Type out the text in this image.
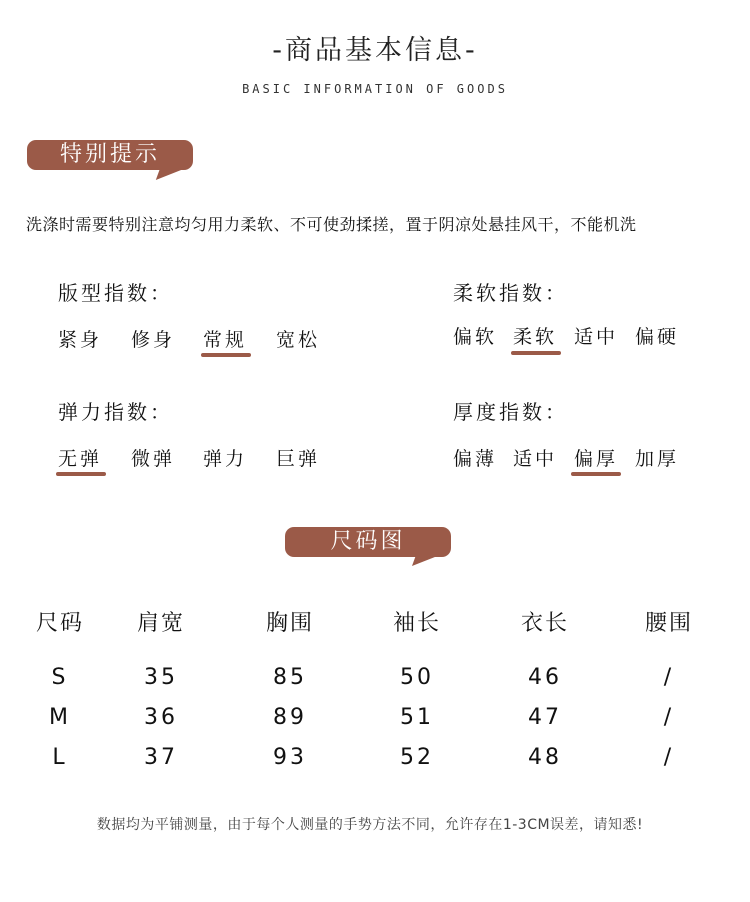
-商品基本信息-
BASIC INFORMATION OF GOODS
特别提示
洗涤时需要特别注意均匀用力柔软、不可使劲揉搓，置于阴凉处悬挂风干，不能机洗
版型指数：
紧身 修身 常规 宽松
柔软指数：
偏软 柔软 适中 偏硬
弹力指数：
无弹 微弹 弹力 巨弹
厚度指数：
偏薄 适中 偏厚 加厚
尺码图
尺码	肩宽	胸围	袖长	衣长	腰围
S	35	85	50	46	/
M	36	89	51	47	/
L	37	93	52	48	/
数据均为平铺测量，由于每个人测量的手势方法不同，允许存在1-3CM误差，请知悉!
